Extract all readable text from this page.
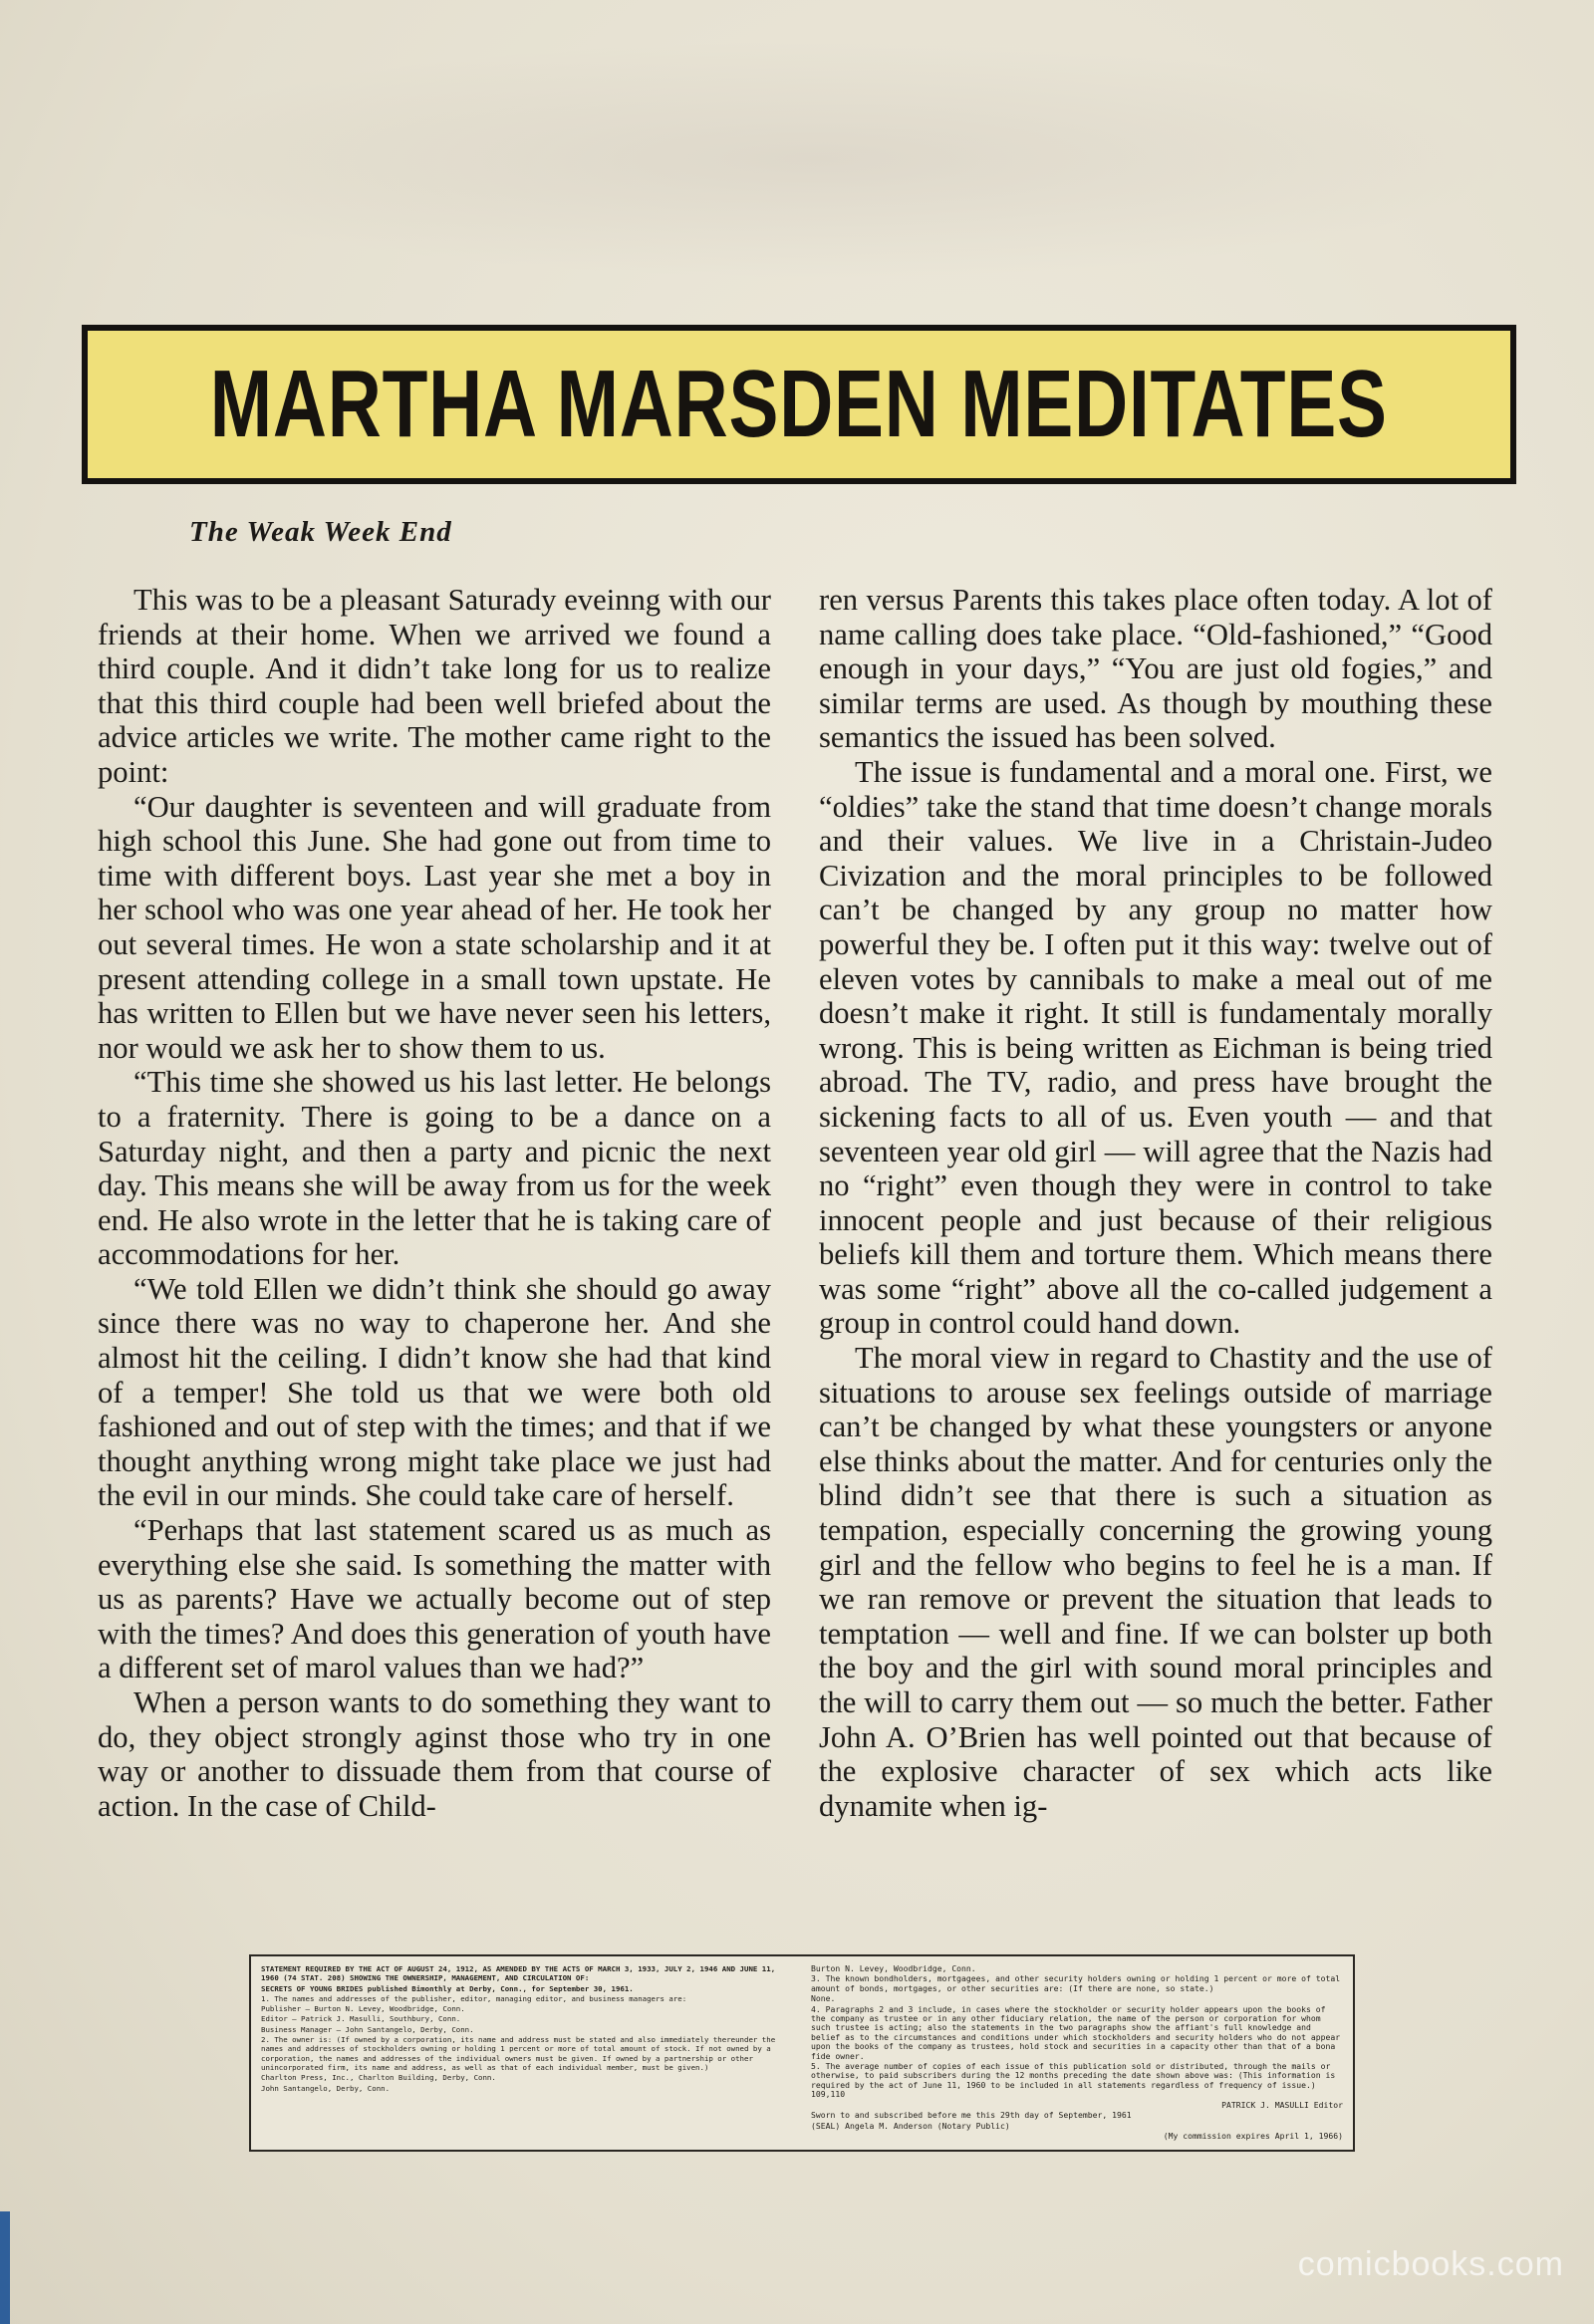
MARTHA MARSDEN MEDITATES
The Weak Week End

This was to be a pleasant Saturady eveinng with our friends at their home. When we arrived we found a third couple. And it didn’t take long for us to realize that this third couple had been well briefed about the advice articles we write. The mother came right to the point:

“Our daughter is seventeen and will graduate from high school this June. She had gone out from time to time with different boys. Last year she met a boy in her school who was one year ahead of her. He took her out several times. He won a state scholarship and it at present attending college in a small town upstate. He has written to Ellen but we have never seen his letters, nor would we ask her to show them to us.

“This time she showed us his last letter. He belongs to a fraternity. There is going to be a dance on a Saturday night, and then a party and picnic the next day. This means she will be away from us for the week end. He also wrote in the letter that he is taking care of accommodations for her.

“We told Ellen we didn’t think she should go away since there was no way to chaperone her. And she almost hit the ceiling. I didn’t know she had that kind of a temper! She told us that we were both old fashioned and out of step with the times; and that if we thought anything wrong might take place we just had the evil in our minds. She could take care of herself.

“Perhaps that last statement scared us as much as everything else she said. Is something the matter with us as parents? Have we actually become out of step with the times? And does this generation of youth have a different set of marol values than we had?”

When a person wants to do something they want to do, they object strongly aginst those who try in one way or another to dissuade them from that course of action. In the case of Child-

ren versus Parents this takes place often today. A lot of name calling does take place. “Old-fashioned,” “Good enough in your days,” “You are just old fogies,” and similar terms are used. As though by mouthing these semantics the issued has been solved.

The issue is fundamental and a moral one. First, we “oldies” take the stand that time doesn’t change morals and their values. We live in a Christain-Judeo Civization and the moral principles to be followed can’t be changed by any group no matter how powerful they be. I often put it this way: twelve out of eleven votes by cannibals to make a meal out of me doesn’t make it right. It still is fundamentaly morally wrong. This is being written as Eichman is being tried abroad. The TV, radio, and press have brought the sickening facts to all of us. Even youth — and that seventeen year old girl — will agree that the Nazis had no “right” even though they were in control to take innocent people and just because of their religious beliefs kill them and torture them. Which means there was some “right” above all the co-called judgement a group in control could hand down.

The moral view in regard to Chastity and the use of situations to arouse sex feelings outside of marriage can’t be changed by what these youngsters or anyone else thinks about the matter. And for centuries only the blind didn’t see that there is such a situation as tempation, especially concerning the growing young girl and the fellow who begins to feel he is a man. If we ran remove or prevent the situation that leads to temptation — well and fine. If we can bolster up both the boy and the girl with sound moral principles and the will to carry them out — so much the better. Father John A. O’Brien has well pointed out that because of the explosive character of sex which acts like dynamite when ig-

STATEMENT REQUIRED BY THE ACT OF AUGUST 24, 1912, AS AMENDED BY THE ACTS OF MARCH 3, 1933, JULY 2, 1946 AND JUNE 11, 1960 (74 STAT. 208) SHOWING THE OWNERSHIP, MANAGEMENT, AND CIRCULATION OF:

SECRETS OF YOUNG BRIDES published Bimonthly at Derby, Conn., for September 30, 1961.

1. The names and addresses of the publisher, editor, managing editor, and business managers are:

Publisher — Burton N. Levey, Woodbridge, Conn.

Editor — Patrick J. Masulli, Southbury, Conn.

Business Manager — John Santangelo, Derby, Conn.

2. The owner is: (If owned by a corporation, its name and address must be stated and also immediately thereunder the names and addresses of stockholders owning or holding 1 percent or more of total amount of stock. If not owned by a corporation, the names and addresses of the individual owners must be given. If owned by a partnership or other unincorporated firm, its name and address, as well as that of each individual member, must be given.)

Charlton Press, Inc., Charlton Building, Derby, Conn.

John Santangelo, Derby, Conn.

Burton N. Levey, Woodbridge, Conn.

3. The known bondholders, mortgagees, and other security holders owning or holding 1 percent or more of total amount of bonds, mortgages, or other securities are: (If there are none, so state.)

None.

4. Paragraphs 2 and 3 include, in cases where the stockholder or security holder appears upon the books of the company as trustee or in any other fiduciary relation, the name of the person or corporation for whom such trustee is acting; also the statements in the two paragraphs show the affiant's full knowledge and belief as to the circumstances and conditions under which stockholders and security holders who do not appear upon the books of the company as trustees, hold stock and securities in a capacity other than that of a bona fide owner.

5. The average number of copies of each issue of this publication sold or distributed, through the mails or otherwise, to paid subscribers during the 12 months preceding the date shown above was: (This information is required by the act of June 11, 1960 to be included in all statements regardless of frequency of issue.) 109,110

PATRICK J. MASULLI Editor

Sworn to and subscribed before me this 29th day of September, 1961

(SEAL) Angela M. Anderson (Notary Public)

(My commission expires April 1, 1966)

comicbooks.com
